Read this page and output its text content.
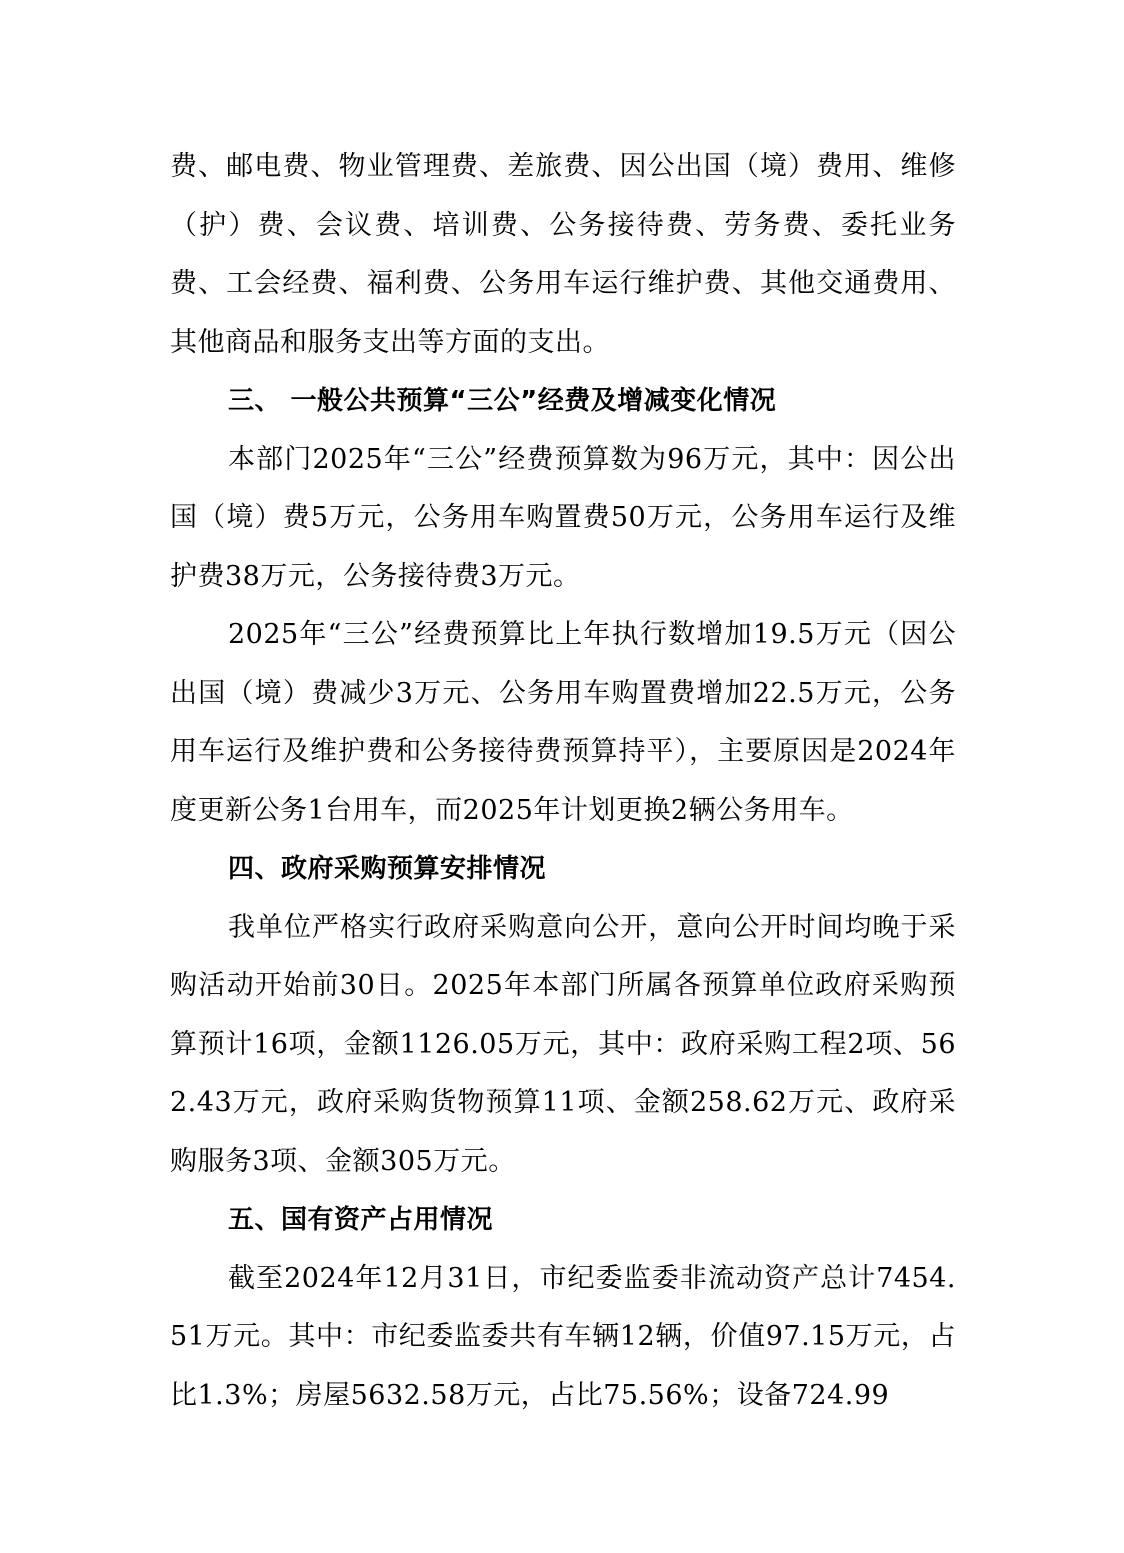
费、邮电费、物业管理费、差旅费、因公出国（境）费用、维修（护）费、会议费、培训费、公务接待费、劳务费、委托业务费、工会经费、福利费、公务用车运行维护费、其他交通费用、其他商品和服务支出等方面的支出。

三、 一般公共预算“三公”经费及增减变化情况

本部门2025年“三公”经费预算数为96万元，其中：因公出国（境）费5万元，公务用车购置费50万元，公务用车运行及维护费38万元，公务接待费3万元。

2025年“三公”经费预算比上年执行数增加19.5万元（因公出国（境）费减少3万元、公务用车购置费增加22.5万元，公务用车运行及维护费和公务接待费预算持平），主要原因是2024年度更新公务1台用车，而2025年计划更换2辆公务用车。

四、政府采购预算安排情况

我单位严格实行政府采购意向公开，意向公开时间均晚于采购活动开始前30日。2025年本部门所属各预算单位政府采购预算预计16项，金额1126.05万元，其中：政府采购工程2项、562.43万元，政府采购货物预算11项、金额258.62万元、政府采购服务3项、金额305万元。

五、国有资产占用情况

截至2024年12月31日，市纪委监委非流动资产总计7454.51万元。其中：市纪委监委共有车辆12辆，价值97.15万元，占比1.3%；房屋5632.58万元，占比75.56%；设备724.99
